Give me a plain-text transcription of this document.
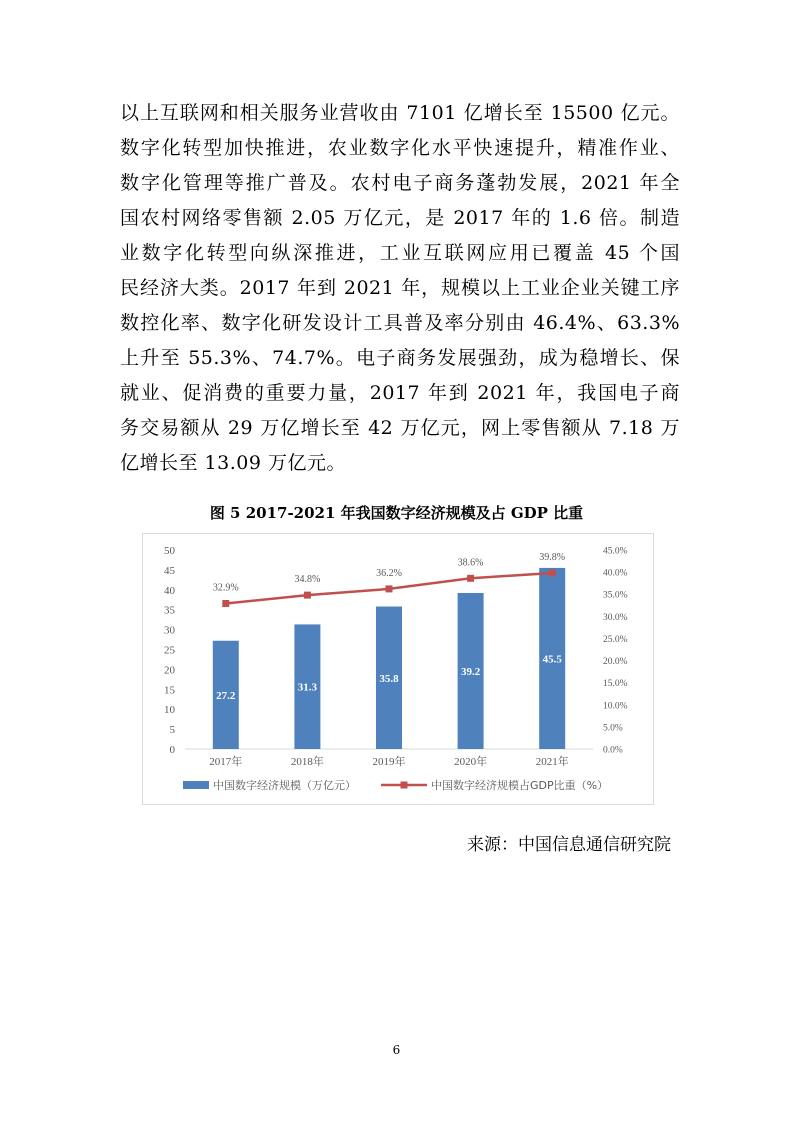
以上互联网和相关服务业营收由 7101 亿增长至 15500 亿元。
数字化转型加快推进，农业数字化水平快速提升，精准作业、
数字化管理等推广普及。农村电子商务蓬勃发展，2021 年全
国农村网络零售额 2.05 万亿元，是 2017 年的 1.6 倍。制造
业数字化转型向纵深推进，工业互联网应用已覆盖 45 个国
民经济大类。2017 年到 2021 年，规模以上工业企业关键工序
数控化率、数字化研发设计工具普及率分别由 46.4%、63.3%
上升至 55.3%、74.7%。电子商务发展强劲，成为稳增长、保
就业、促消费的重要力量，2017 年到 2021 年，我国电子商
务交易额从 29 万亿增长至 42 万亿元，网上零售额从 7.18 万
亿增长至 13.09 万亿元。
图 5 2017-2021 年我国数字经济规模及占 GDP 比重
0
5
10
15
20
25
30
35
40
45
50
0.0%
5.0%
10.0%
15.0%
20.0%
25.0%
30.0%
35.0%
40.0%
45.0%
27.2
31.3
35.8
39.2
45.5
2017年	2018年	2019年	2020年	2021年
32.9%
34.8%
36.2%
38.6%	39.8%
中国数字经济规模（万亿元）	中国数字经济规模占GDP比重（%）
来源：中国信息通信研究院
6
